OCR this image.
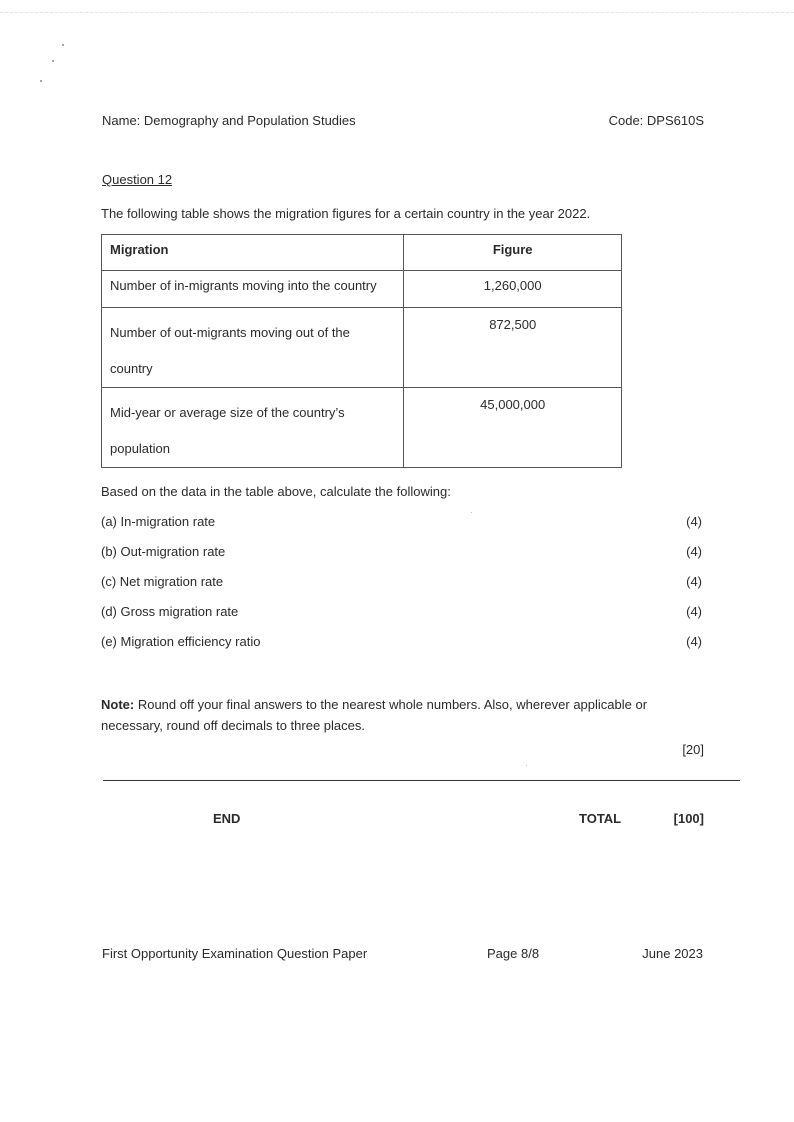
Name: Demography and Population Studies	Code: DPS610S
Question 12
The following table shows the migration figures for a certain country in the year 2022.
Migration	Figure
Number of in-migrants moving into the country	1,260,000
Number of out-migrants moving out of the
country	872,500
Mid-year or average size of the country’s
population	45,000,000
Based on the data in the table above, calculate the following:
(a) In-migration rate	(4)
(b) Out-migration rate	(4)
(c) Net migration rate	(4)
(d) Gross migration rate	(4)
(e) Migration efficiency ratio	(4)
Note: Round off your final answers to the nearest whole numbers. Also, wherever applicable or necessary, round off decimals to three places.
[20]
END	TOTAL	[100]
First Opportunity Examination Question Paper	Page 8/8	June 2023
